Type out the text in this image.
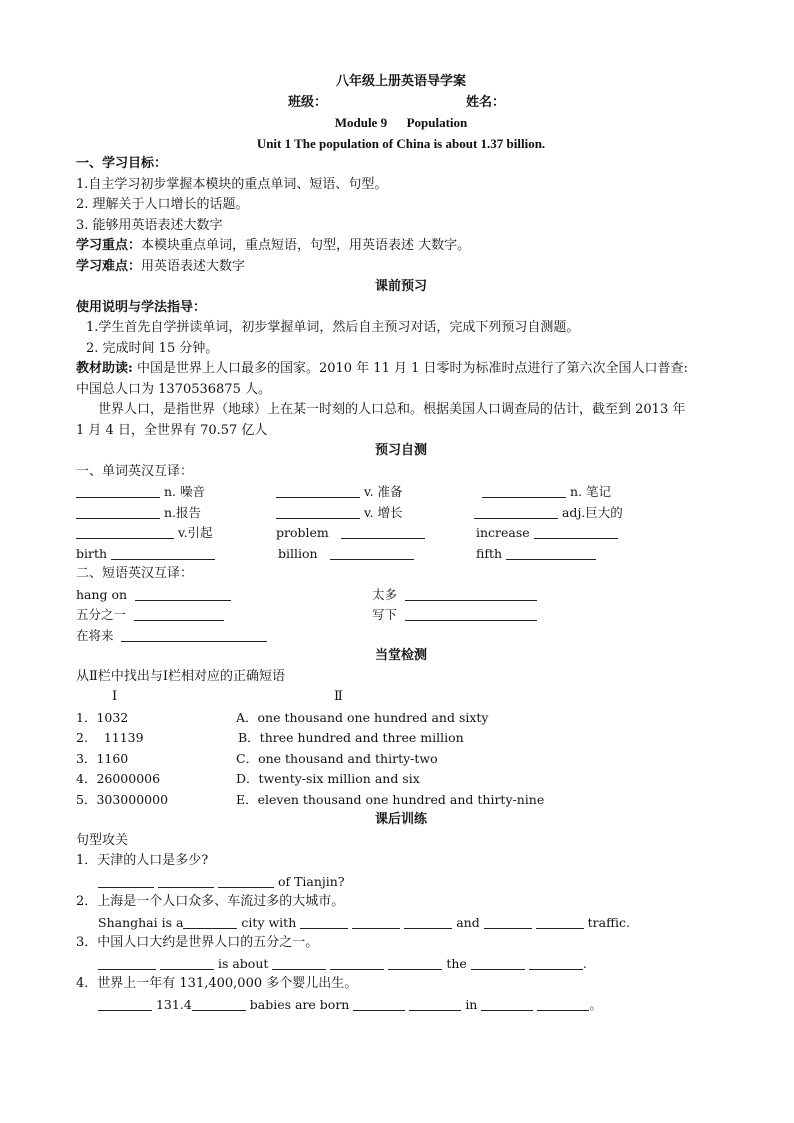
八年级上册英语导学案
班级：	姓名：
Module 9      Population
Unit 1 The population of China is about 1.37 billion.
一、学习目标：
1.自主学习初步掌握本模块的重点单词、短语、句型。
2. 理解关于人口增长的话题。
3. 能够用英语表述大数字
学习重点：本模块重点单词，重点短语，句型，用英语表述 大数字。
学习难点：用英语表述大数字
课前预习
使用说明与学法指导：
1.学生首先自学拼读单词，初步掌握单词，然后自主预习对话，完成下列预习自测题。
2. 完成时间 15 分钟。
教材助读: 中国是世界上人口最多的国家。2010 年 11 月 1 日零时为标准时点进行了第六次全国人口普查:
中国总人口为 1370536875 人。
世界人口，是指世界（地球）上在某一时刻的人口总和。根据美国人口调查局的估计，截至到 2013 年
1 月 4 日，全世界有 70.57 亿人
预习自测
一、单词英汉互译：
n. 噪音	v. 准备	n. 笔记
n.报告	v. 增长	adj.巨大的
v.引起	problem	increase
birth	billion	fifth
二、短语英汉互译：
hang on	太多
五分之一	写下
在将来
当堂检测
从Ⅱ栏中找出与Ⅰ栏相对应的正确短语
I	Ⅱ
1．1032	A．one thousand one hundred and sixty
2.    11139	B．three hundred and three million
3．1160	C．one thousand and thirty-two
4．26000006	D．twenty-six million and six
5．303000000	E．eleven thousand one hundred and thirty-nine
课后训练
句型攻关
1．天津的人口是多少?
of Tianjin?
2．上海是一个人口众多、车流过多的大城市。
Shanghai is a	city with	and	traffic.
3．中国人口大约是世界人口的五分之一。
is about	the	.
4．世界上一年有 131,400,000 多个婴儿出生。
131.4	babies are born	in	。
